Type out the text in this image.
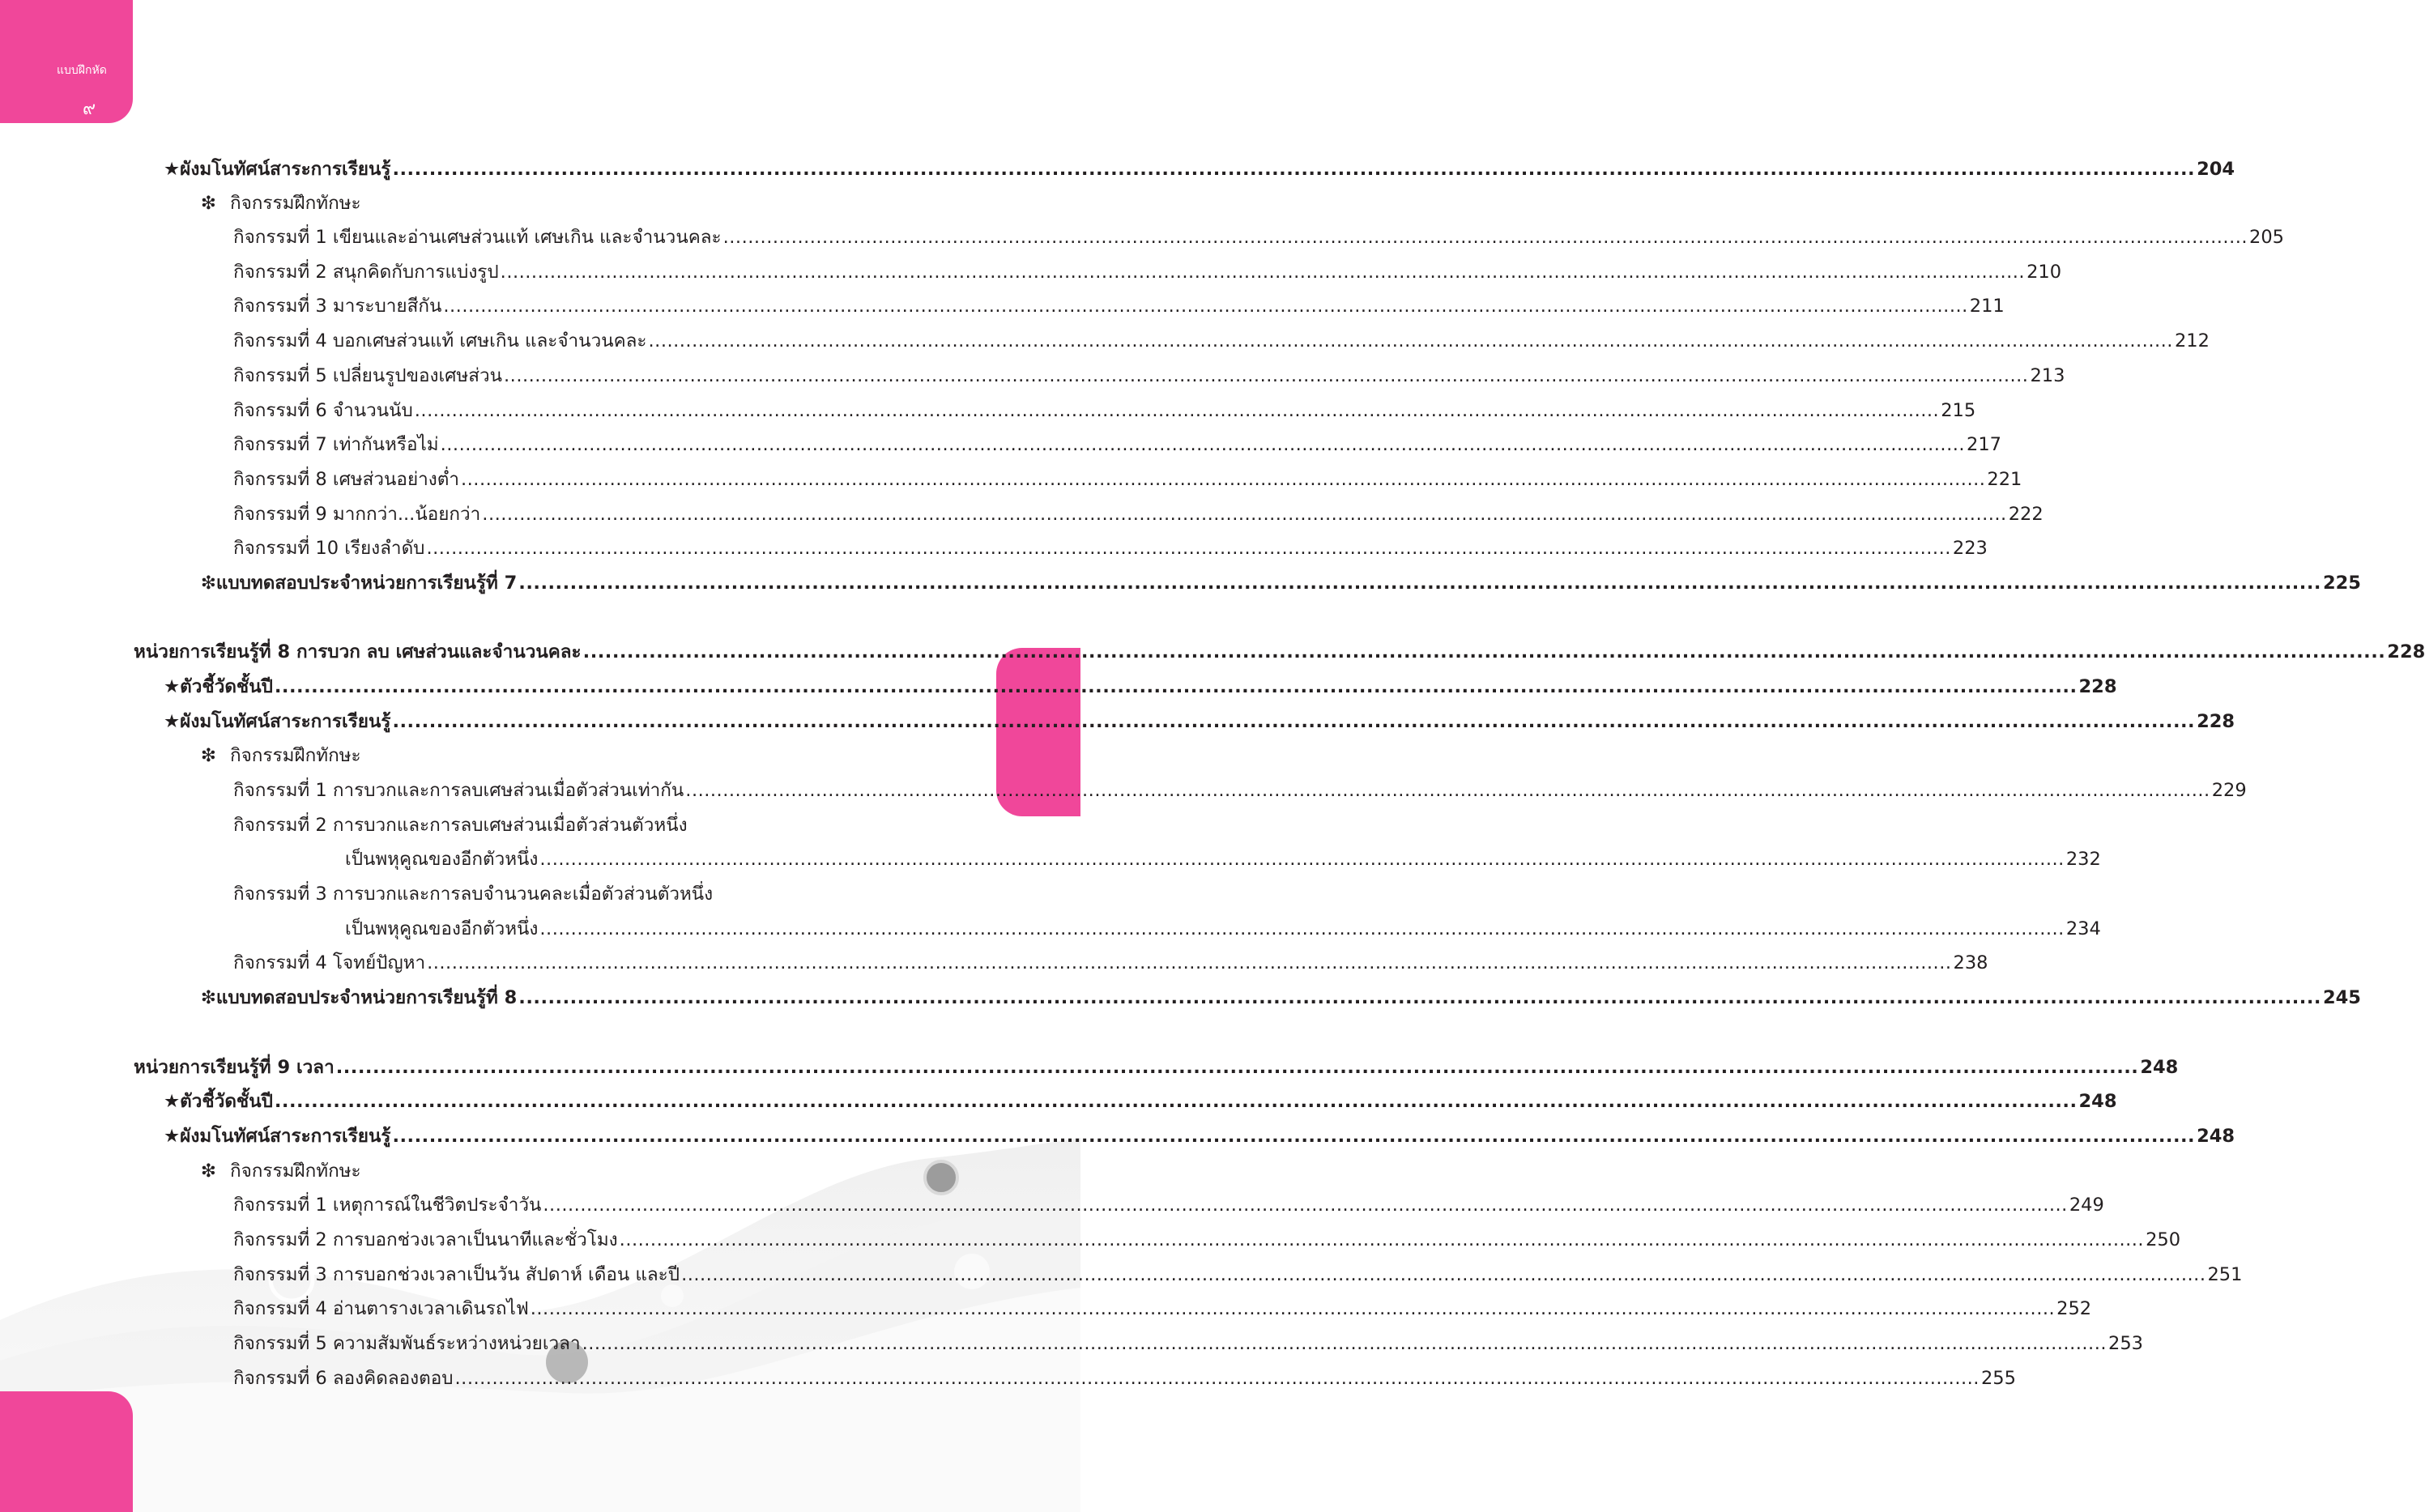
แบบฝึกหัด
๙
★ ผังมโนทัศน์สาระการเรียนรู้ ...................................................................................................................................................................................................................................................... 204
❇ กิจกรรมฝึกทักษะ
กิจกรรมที่ 1 เขียนและอ่านเศษส่วนแท้ เศษเกิน และจำนวนคละ ...................................................................................................................................................................................................................................................... 205
กิจกรรมที่ 2 สนุกคิดกับการแบ่งรูป ...................................................................................................................................................................................................................................................... 210
กิจกรรมที่ 3 มาระบายสีกัน ...................................................................................................................................................................................................................................................... 211
กิจกรรมที่ 4 บอกเศษส่วนแท้ เศษเกิน และจำนวนคละ ...................................................................................................................................................................................................................................................... 212
กิจกรรมที่ 5 เปลี่ยนรูปของเศษส่วน ...................................................................................................................................................................................................................................................... 213
กิจกรรมที่ 6 จำนวนนับ ...................................................................................................................................................................................................................................................... 215
กิจกรรมที่ 7 เท่ากันหรือไม่ ...................................................................................................................................................................................................................................................... 217
กิจกรรมที่ 8 เศษส่วนอย่างต่ำ ...................................................................................................................................................................................................................................................... 221
กิจกรรมที่ 9 มากกว่า...น้อยกว่า ...................................................................................................................................................................................................................................................... 222
กิจกรรมที่ 10 เรียงลำดับ ...................................................................................................................................................................................................................................................... 223
❇ แบบทดสอบประจำหน่วยการเรียนรู้ที่ 7 ...................................................................................................................................................................................................................................................... 225
หน่วยการเรียนรู้ที่ 8 การบวก ลบ เศษส่วนและจำนวนคละ ...................................................................................................................................................................................................................................................... 228
★ ตัวชี้วัดชั้นปี ...................................................................................................................................................................................................................................................... 228
★ ผังมโนทัศน์สาระการเรียนรู้ ...................................................................................................................................................................................................................................................... 228
❇ กิจกรรมฝึกทักษะ
กิจกรรมที่ 1 การบวกและการลบเศษส่วนเมื่อตัวส่วนเท่ากัน ...................................................................................................................................................................................................................................................... 229
กิจกรรมที่ 2 การบวกและการลบเศษส่วนเมื่อตัวส่วนตัวหนึ่ง
เป็นพหุคูณของอีกตัวหนึ่ง ...................................................................................................................................................................................................................................................... 232
กิจกรรมที่ 3 การบวกและการลบจำนวนคละเมื่อตัวส่วนตัวหนึ่ง
เป็นพหุคูณของอีกตัวหนึ่ง ...................................................................................................................................................................................................................................................... 234
กิจกรรมที่ 4 โจทย์ปัญหา ...................................................................................................................................................................................................................................................... 238
❇ แบบทดสอบประจำหน่วยการเรียนรู้ที่ 8 ...................................................................................................................................................................................................................................................... 245
หน่วยการเรียนรู้ที่ 9 เวลา ...................................................................................................................................................................................................................................................... 248
★ ตัวชี้วัดชั้นปี ...................................................................................................................................................................................................................................................... 248
★ ผังมโนทัศน์สาระการเรียนรู้ ...................................................................................................................................................................................................................................................... 248
❇ กิจกรรมฝึกทักษะ
กิจกรรมที่ 1 เหตุการณ์ในชีวิตประจำวัน ...................................................................................................................................................................................................................................................... 249
กิจกรรมที่ 2 การบอกช่วงเวลาเป็นนาทีและชั่วโมง ...................................................................................................................................................................................................................................................... 250
กิจกรรมที่ 3 การบอกช่วงเวลาเป็นวัน สัปดาห์ เดือน และปี ...................................................................................................................................................................................................................................................... 251
กิจกรรมที่ 4 อ่านตารางเวลาเดินรถไฟ ...................................................................................................................................................................................................................................................... 252
กิจกรรมที่ 5 ความสัมพันธ์ระหว่างหน่วยเวลา ...................................................................................................................................................................................................................................................... 253
กิจกรรมที่ 6 ลองคิดลองตอบ ...................................................................................................................................................................................................................................................... 255
